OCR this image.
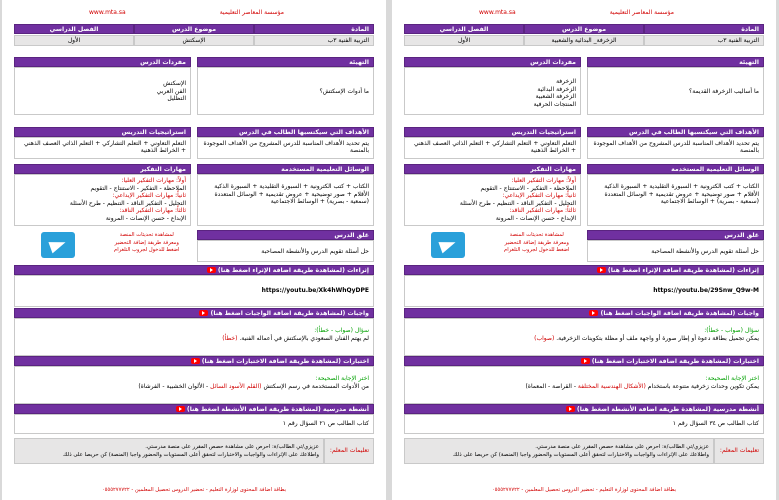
مؤسسة المعاصر التعليمية
www.mta.sa
المادة
موضوع الدرس
الفصل الدراسي
التربية الفنية ٣ب
الزخرفة_ البدائية والشعبية
الأول
التهيئة
ما أساليب الزخرفة القديمة؟
مفردات الدرس
الزخرفة
الزخرفة البدائية
الزخرفة الشعبية
المنتجات الحرفية
الأهداف التي سيكتسبها الطالب في الدرس
يتم تحديد الأهداف المناسبة للدرس المشروح من الأهداف الموجودة بالمنصة
استراتيجيات التدريس
التعلم التعاوني + التعلم التشاركي + التعلم الذاتي العصف الذهني + الخرائط الذهنية
الوسائل التعليمية المستخدمة
الكتاب + كتب الكترونية + السبورة التقليدية + السبورة الذكية الأقلام + صور توضيحية + عروض تقديمية + الوسائل المتعددة (سمعية - بصرية) + الوسائط الاجتماعية
مهارات التفكير
أولاً: مهارات التفكير العليا:
الملاحظة - التفكير - الاستنتاج - التقويم
ثانياً: مهارات التفكير الإبداعي:
التحليل - التفكير الناقد - التنظيم - طرح الأسئلة
ثالثاً: مهارات التفكير الناقد:
الإبداع - حسن الإنصات - المرونة
غلق الدرس
حل أسئلة تقويم الدرس والأنشطة المصاحبة
لمشاهدة تحديثات المنصة
ومعرفة طريقة إضافة التحضير
اضغط للدخول لجروب التلغرام
إثراءات (لمشاهدة طريقة اضافة الإثراء اضغط هنا)
https://youtu.be/29Snw_Q9w-M
واجبات (لمشاهدة طريقة اضافة الواجبات اضغط هنا)
سؤال (صواب - خطأ):
يمكن تجميل بطاقة دعوة أو إطار صورة أو واجهة ملف أو مظلة بتكوينات الزخرفية. (صواب)
اختبارات (لمشاهدة طريقة اضافة الاختبارات اضغط هنا)
اختر الإجابة الصحيحة:
يمكن تكوين وحدات زخرفية متنوعة باستخدام (الأشكال الهندسية المختلفة - القراصة - المعماة)
أنشطة مدرسية (لمشاهدة طريقة اضافة الأنشطة اضغط هنا)
كتاب الطالب ص ٣٤ السؤال رقم ١
تعليمات المعلم:
عزيزي/تي الطالب/ة: احرص على مشاهدة حصص المقرر على منصة مدرستي.
واطلاعك على الإثراءات والواجبات والاختبارات لتحقق أعلى المستويات والحضور واجبا (المنصة) كن حريصا على ذلك
بطاقة اضافة المحتوى لوزارة التعليم - تحضير الدروس تحصيل المعلمين - ٠٥٥٥٢٧٧٧٢٢
مؤسسة المعاصر التعليمية
www.mta.sa
المادة
موضوع الدرس
الفصل الدراسي
التربية الفنية ٣ب
الإسكتش
الأول
التهيئة
ما أدوات الإسكتش؟
مفردات الدرس
الإسكتش
الفن العربي
التظليل
الأهداف التي سيكتسبها الطالب في الدرس
يتم تحديد الأهداف المناسبة للدرس المشروح من الأهداف الموجودة بالمنصة
استراتيجيات التدريس
التعلم التعاوني + التعلم التشاركي + التعلم الذاتي العصف الذهني + الخرائط الذهنية
الوسائل التعليمية المستخدمة
الكتاب + كتب الكترونية + السبورة التقليدية + السبورة الذكية الأقلام + صور توضيحية + عروض تقديمية + الوسائل المتعددة (سمعية - بصرية) + الوسائط الاجتماعية
مهارات التفكير
أولاً: مهارات التفكير العليا:
الملاحظة - التفكير - الاستنتاج - التقويم
ثانياً: مهارات التفكير الإبداعي:
التحليل - التفكير الناقد - التنظيم - طرح الأسئلة
ثالثاً: مهارات التفكير الناقد:
الإبداع - حسن الإنصات - المرونة
غلق الدرس
حل أسئلة تقويم الدرس والأنشطة المصاحبة
لمشاهدة تحديثات المنصة
ومعرفة طريقة إضافة التحضير
اضغط للدخول لجروب التلغرام
إثراءات (لمشاهدة طريقة اضافة الإثراء اضغط هنا)
https://youtu.be/Xk4hWhQyDPE
واجبات (لمشاهدة طريقة اضافة الواجبات اضغط هنا)
سؤال (صواب - خطأ):
لم يهتم الفنان السعودي بالإسكتش في أعماله الفنية. (خطأ)
اختبارات (لمشاهدة طريقة اضافة الاختبارات اضغط هنا)
اختر الإجابة الصحيحة:
من الأدوات المستخدمة في رسم الإسكتش (القلم الأسود السائل - الألوان الخشبية - الفرشاة)
أنشطة مدرسية (لمشاهدة طريقة اضافة الأنشطة اضغط هنا)
كتاب الطالب ص ٢١ السؤال رقم ١
تعليمات المعلم:
عزيزي/تي الطالب/ة: احرص على مشاهدة حصص المقرر على منصة مدرستي.
واطلاعك على الإثراءات والواجبات والاختبارات لتحقق أعلى المستويات والحضور واجبا (المنصة) كن حريصا على ذلك
بطاقة اضافة المحتوى لوزارة التعليم - تحضير الدروس تحصيل المعلمين - ٠٥٥٥٢٧٧٧٢٢
